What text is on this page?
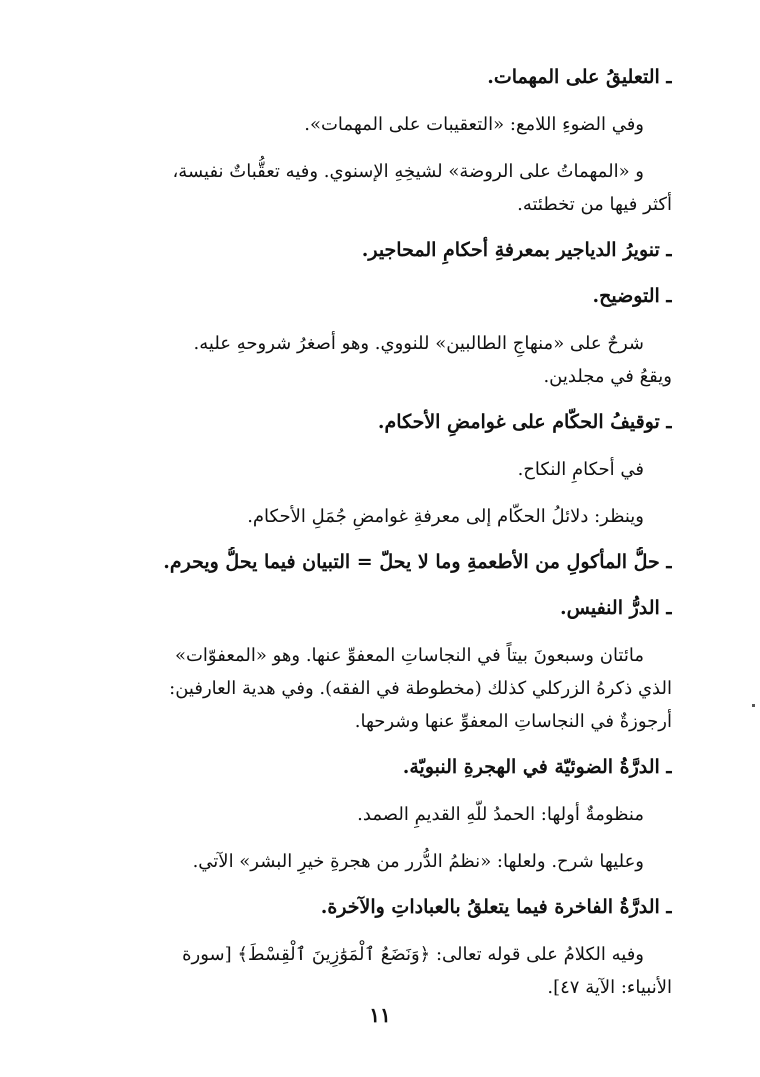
ـ التعليقُ على المهمات.
وفي الضوءِ اللامع: «التعقيبات على المهمات».
و «المهماتُ على الروضة» لشيخِهِ الإسنوي. وفيه تعقُّباتٌ نفيسة،
أكثر فيها من تخطئته.
ـ تنويرُ الدياجير بمعرفةِ أحكامِ المحاجير.
ـ التوضيح.
شرحٌ على «منهاجِ الطالبين» للنووي. وهو أصغرُ شروحهِ عليه.
ويقعُ في مجلدين.
ـ توقيفُ الحكّام على غوامضِ الأحكام.
في أحكامِ النكاح.
وينظر: دلائلُ الحكّام إلى معرفةِ غوامضِ جُمَلِ الأحكام.
ـ حلُّ المأكولِ من الأطعمةِ وما لا يحلّ = التبيان فيما يحلُّ ويحرم.
ـ الدرُّ النفيس.
مائتان وسبعونَ بيتاً في النجاساتِ المعفوِّ عنها. وهو «المعفوّات»
الذي ذكرهُ الزركلي كذلك (مخطوطة في الفقه). وفي هدية العارفين:
أرجوزةٌ في النجاساتِ المعفوِّ عنها وشرحها.
ـ الدرَّةُ الضوئيّة في الهجرةِ النبويّة.
منظومةٌ أولها: الحمدُ للّهِ القديمِ الصمد.
وعليها شرح. ولعلها: «نظمُ الدُّرر من هجرةِ خيرِ البشر» الآتي.
ـ الدرَّةُ الفاخرة فيما يتعلقُ بالعباداتِ والآخرة.
وفيه الكلامُ على قوله تعالى: ﴿وَنَضَعُ ٱلْمَوَٰزِينَ ٱلْقِسْطَ﴾ [سورة
الأنبياء: الآية ٤٧].
١١
